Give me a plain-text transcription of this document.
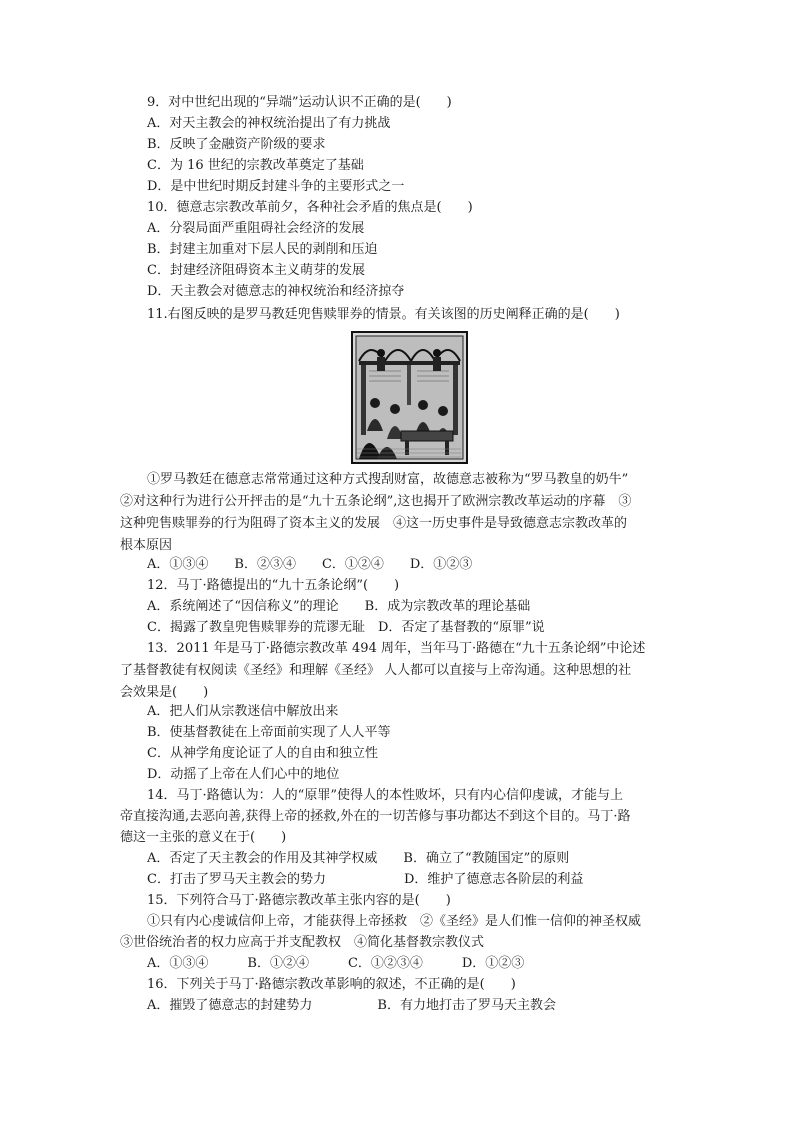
9．对中世纪出现的“异端”运动认识不正确的是(　　)
A．对天主教会的神权统治提出了有力挑战
B．反映了金融资产阶级的要求
C．为 16 世纪的宗教改革奠定了基础
D．是中世纪时期反封建斗争的主要形式之一
10．德意志宗教改革前夕，各种社会矛盾的焦点是(　　)
A．分裂局面严重阻碍社会经济的发展
B．封建主加重对下层人民的剥削和压迫
C．封建经济阻碍资本主义萌芽的发展
D．天主教会对德意志的神权统治和经济掠夺
11.右图反映的是罗马教廷兜售赎罪券的情景。有关该图的历史阐释正确的是(　　)
①罗马教廷在德意志常常通过这种方式搜刮财富，故德意志被称为“罗马教皇的奶牛”
②对这种行为进行公开抨击的是“九十五条论纲”,这也揭开了欧洲宗教改革运动的序幕　③
这种兜售赎罪券的行为阻碍了资本主义的发展　④这一历史事件是导致德意志宗教改革的
根本原因
A．①③④　　B．②③④　　C．①②④　　D．①②③
12．马丁·路德提出的“九十五条论纲”(　　)
A．系统阐述了“因信称义”的理论　　B．成为宗教改革的理论基础
C．揭露了教皇兜售赎罪券的荒谬无耻　D．否定了基督教的“原罪”说
13．2011 年是马丁·路德宗教改革 494 周年，当年马丁·路德在“九十五条论纲”中论述
了基督教徒有权阅读《圣经》和理解《圣经》 人人都可以直接与上帝沟通。这种思想的社
会效果是(　　)
A．把人们从宗教迷信中解放出来
B．使基督教徒在上帝面前实现了人人平等
C．从神学角度论证了人的自由和独立性
D．动摇了上帝在人们心中的地位
14．马丁·路德认为：人的“原罪”使得人的本性败坏，只有内心信仰虔诚，才能与上
帝直接沟通,去恶向善,获得上帝的拯救,外在的一切苦修与事功都达不到这个目的。马丁·路
德这一主张的意义在于(　　)
A．否定了天主教会的作用及其神学权威　　B．确立了“教随国定”的原则
C．打击了罗马天主教会的势力　　　　　　D．维护了德意志各阶层的利益
15．下列符合马丁·路德宗教改革主张内容的是(　　)
①只有内心虔诚信仰上帝，才能获得上帝拯救　②《圣经》是人们惟一信仰的神圣权威
③世俗统治者的权力应高于并支配教权　④简化基督教宗教仪式
A．①③④　　　B．①②④　　　C．①②③④　　　D．①②③
16．下列关于马丁·路德宗教改革影响的叙述，不正确的是(　　)
A．摧毁了德意志的封建势力　　　　　B．有力地打击了罗马天主教会
